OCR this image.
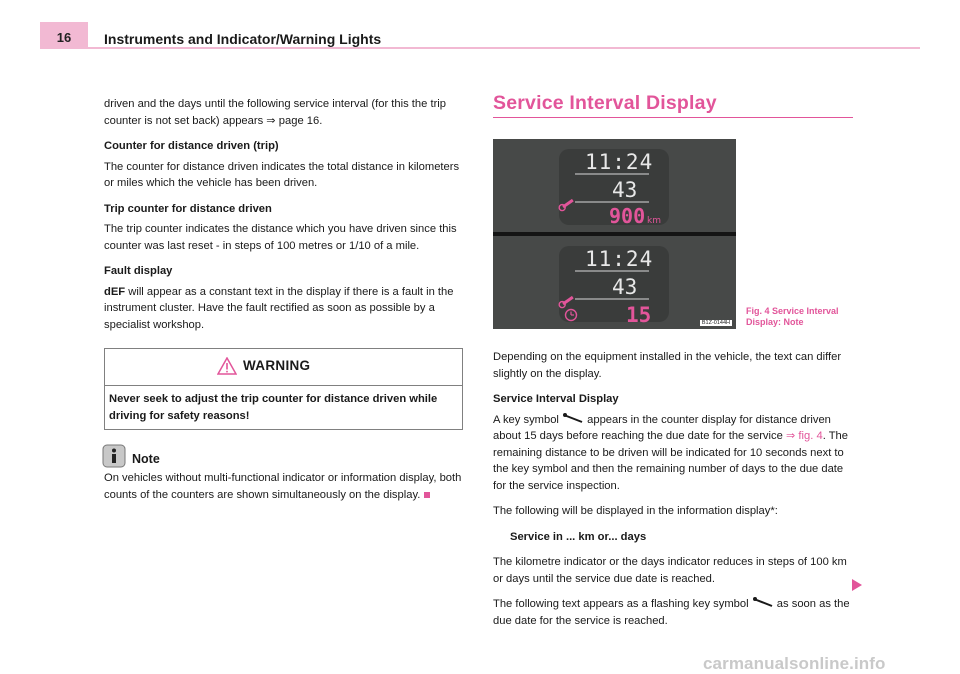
16	Instruments and Indicator/Warning Lights

driven and the days until the following service interval (for this the trip counter is not set back) appears ⇒ page 16.

Counter for distance driven (trip)

The counter for distance driven indicates the total distance in kilometers or miles which the vehicle has been driven.

Trip counter for distance driven

The trip counter indicates the distance which you have driven since this counter was last reset - in steps of 100 metres or 1/10 of a mile.

Fault display

dEF will appear as a constant text in the display if there is a fault in the instrument cluster. Have the fault rectified as soon as possible by a specialist workshop.

WARNING
Never seek to adjust the trip counter for distance driven while driving for safety reasons!
Note

On vehicles without multi-functional indicator or information display, both counts of the counters are shown simultaneously on the display.

Service Interval Display
11:24
43
900 km
11:24
43
15	B1Z-0144H
Fig. 4 Service Interval
Display: Note

Depending on the equipment installed in the vehicle, the text can differ slightly on the display.

Service Interval Display

A key symbol  appears in the counter display for distance driven about 15 days before reaching the due date for the service ⇒ fig. 4. The remaining distance to be driven will be indicated for 10 seconds next to the key symbol and then the remaining number of days to the due date for the service inspection.

The following will be displayed in the information display*:

Service in ... km or... days

The kilometre indicator or the days indicator reduces in steps of 100 km or days until the service due date is reached.

The following text appears as a flashing key symbol  as soon as the due date for the service is reached.

carmanualsonline.info
